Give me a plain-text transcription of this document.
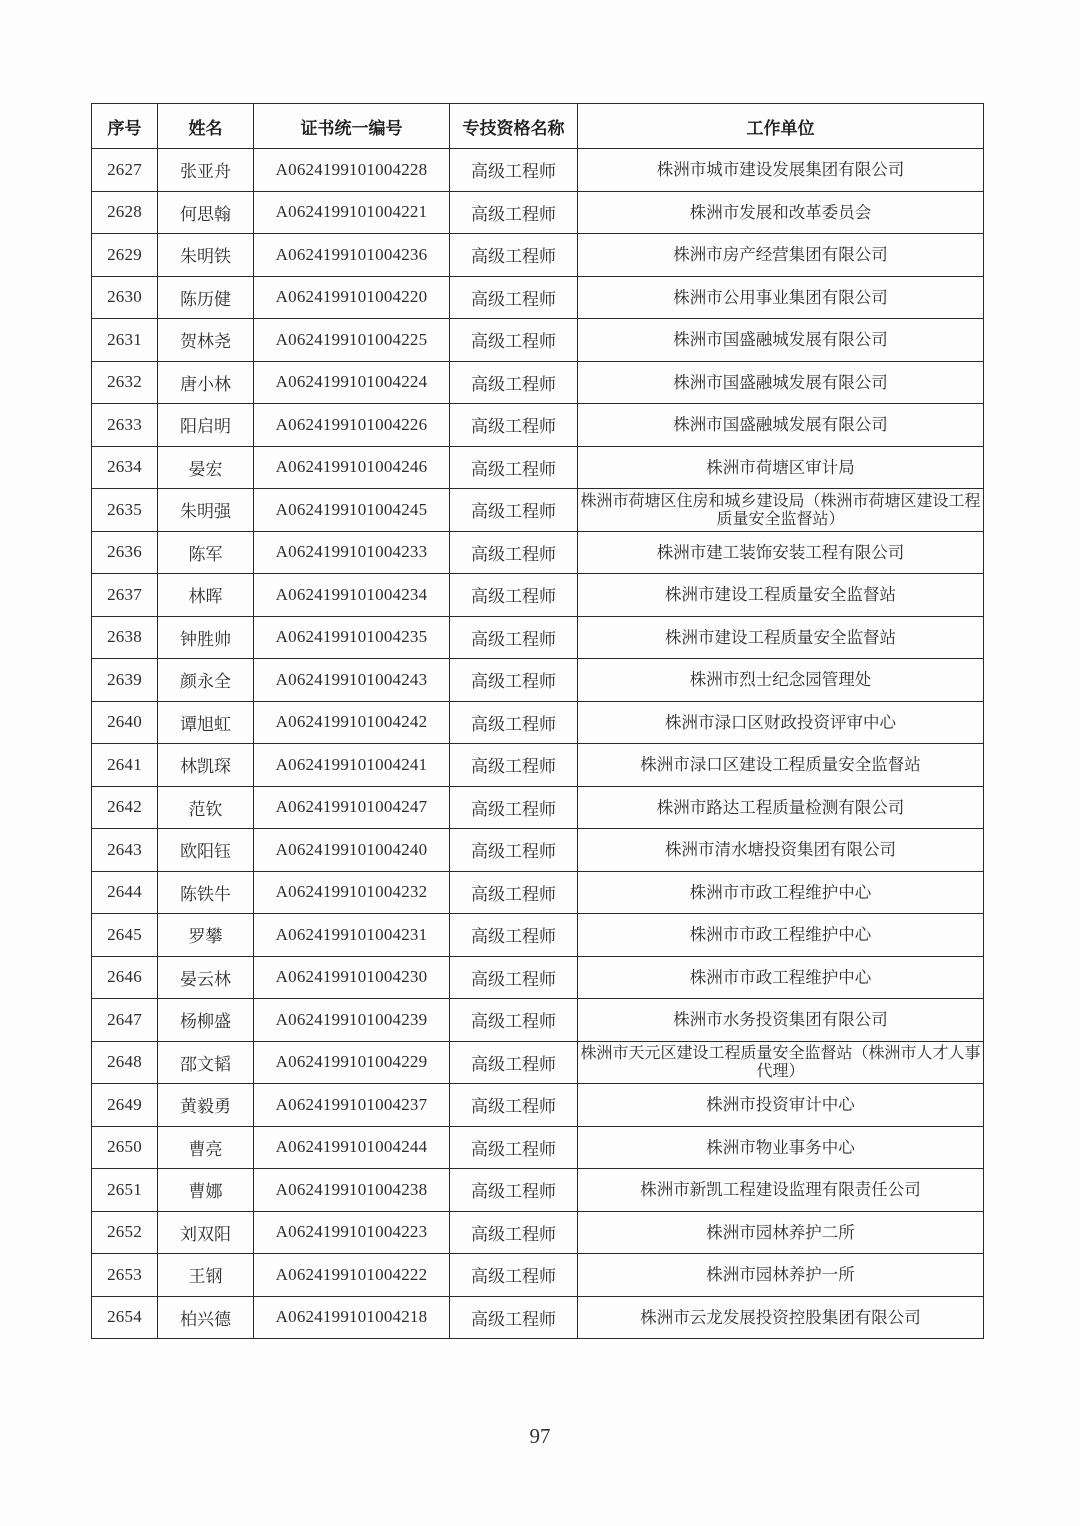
序号	姓名	证书统一编号	专技资格名称	工作单位
2627	张亚舟	A0624199101004228	高级工程师	株洲市城市建设发展集团有限公司
2628	何思翰	A0624199101004221	高级工程师	株洲市发展和改革委员会
2629	朱明铁	A0624199101004236	高级工程师	株洲市房产经营集团有限公司
2630	陈历健	A0624199101004220	高级工程师	株洲市公用事业集团有限公司
2631	贺林尧	A0624199101004225	高级工程师	株洲市国盛融城发展有限公司
2632	唐小林	A0624199101004224	高级工程师	株洲市国盛融城发展有限公司
2633	阳启明	A0624199101004226	高级工程师	株洲市国盛融城发展有限公司
2634	晏宏	A0624199101004246	高级工程师	株洲市荷塘区审计局
2635	朱明强	A0624199101004245	高级工程师	株洲市荷塘区住房和城乡建设局（株洲市荷塘区建设工程质量安全监督站）
2636	陈军	A0624199101004233	高级工程师	株洲市建工装饰安装工程有限公司
2637	林晖	A0624199101004234	高级工程师	株洲市建设工程质量安全监督站
2638	钟胜帅	A0624199101004235	高级工程师	株洲市建设工程质量安全监督站
2639	颜永全	A0624199101004243	高级工程师	株洲市烈士纪念园管理处
2640	谭旭虹	A0624199101004242	高级工程师	株洲市渌口区财政投资评审中心
2641	林凯琛	A0624199101004241	高级工程师	株洲市渌口区建设工程质量安全监督站
2642	范钦	A0624199101004247	高级工程师	株洲市路达工程质量检测有限公司
2643	欧阳钰	A0624199101004240	高级工程师	株洲市清水塘投资集团有限公司
2644	陈铁牛	A0624199101004232	高级工程师	株洲市市政工程维护中心
2645	罗攀	A0624199101004231	高级工程师	株洲市市政工程维护中心
2646	晏云林	A0624199101004230	高级工程师	株洲市市政工程维护中心
2647	杨柳盛	A0624199101004239	高级工程师	株洲市水务投资集团有限公司
2648	邵文韬	A0624199101004229	高级工程师	株洲市天元区建设工程质量安全监督站（株洲市人才人事代理）
2649	黄毅勇	A0624199101004237	高级工程师	株洲市投资审计中心
2650	曹亮	A0624199101004244	高级工程师	株洲市物业事务中心
2651	曹娜	A0624199101004238	高级工程师	株洲市新凯工程建设监理有限责任公司
2652	刘双阳	A0624199101004223	高级工程师	株洲市园林养护二所
2653	王钢	A0624199101004222	高级工程师	株洲市园林养护一所
2654	柏兴德	A0624199101004218	高级工程师	株洲市云龙发展投资控股集团有限公司
97
